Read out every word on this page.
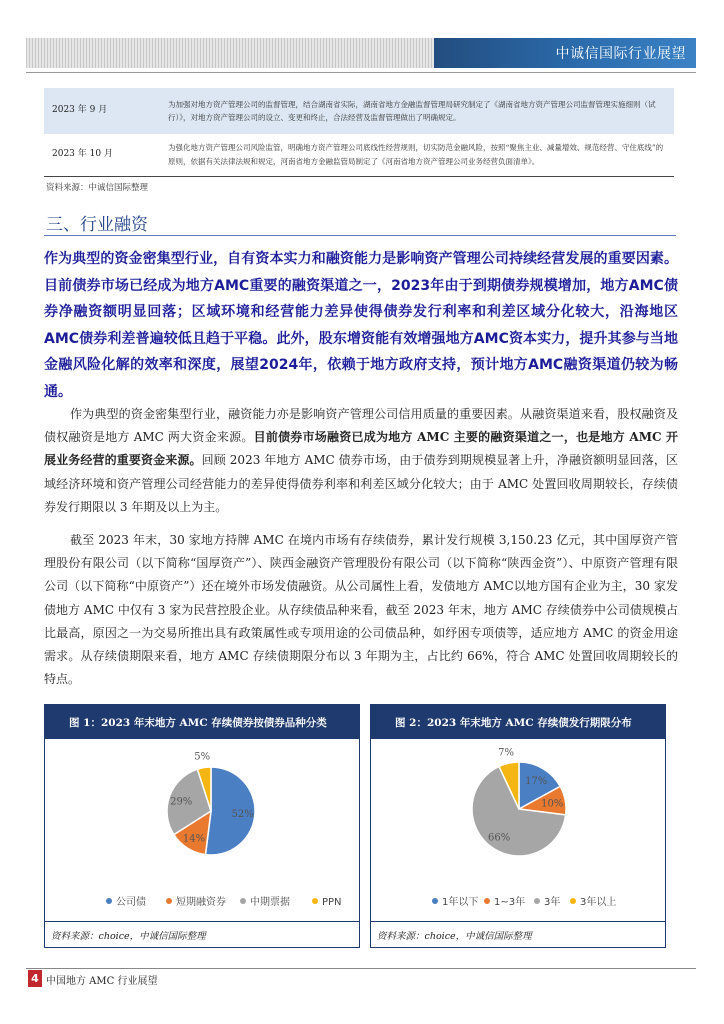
中诚信国际行业展望
2023 年 9 月	为加强对地方资产管理公司的监督管理，结合湖南省实际，湖南省地方金融监督管理局研究制定了《湖南省地方资产管理公司监督管理实施细则（试行）》，对地方资产管理公司的设立、变更和终止，合法经营及监督管理做出了明确规定。
2023 年 10 月	为强化地方资产管理公司风险监管，明确地方资产管理公司底线性经营规则，切实防范金融风险，按照“聚焦主业、减量增效、规范经营、守住底线”的原则，依据有关法律法规和规定，河南省地方金融监管局制定了《河南省地方资产管理公司业务经营负面清单》。
资料来源：中诚信国际整理
三、行业融资
作为典型的资金密集型行业，自有资本实力和融资能力是影响资产管理公司持续经营发展的重要因素。目前债券市场已经成为地方AMC重要的融资渠道之一，2023年由于到期债券规模增加，地方AMC债券净融资额明显回落；区域环境和经营能力差异使得债券发行利率和利差区域分化较大，沿海地区AMC债券利差普遍较低且趋于平稳。此外，股东增资能有效增强地方AMC资本实力，提升其参与当地金融风险化解的效率和深度，展望2024年，依赖于地方政府支持，预计地方AMC融资渠道仍较为畅通。
作为典型的资金密集型行业，融资能力亦是影响资产管理公司信用质量的重要因素。从融资渠道来看，股权融资及债权融资是地方 AMC 两大资金来源。目前债券市场融资已成为地方 AMC 主要的融资渠道之一，也是地方 AMC 开展业务经营的重要资金来源。回顾 2023 年地方 AMC 债券市场，由于债券到期规模显著上升，净融资额明显回落，区域经济环境和资产管理公司经营能力的差异使得债券利率和利差区域分化较大；由于 AMC 处置回收周期较长，存续债券发行期限以 3 年期及以上为主。
截至 2023 年末，30 家地方持牌 AMC 在境内市场有存续债券，累计发行规模 3,150.23 亿元，其中国厚资产管理股份有限公司（以下简称“国厚资产”）、陕西金融资产管理股份有限公司（以下简称“陕西金资”）、中原资产管理有限公司（以下简称“中原资产”）还在境外市场发债融资。从公司属性上看，发债地方 AMC以地方国有企业为主，30 家发债地方 AMC 中仅有 3 家为民营控股企业。从存续债品种来看，截至 2023 年末，地方 AMC 存续债券中公司债规模占比最高，原因之一为交易所推出具有政策属性或专项用途的公司债品种，如纾困专项债等，适应地方 AMC 的资金用途需求。从存续债期限来看，地方 AMC 存续债期限分布以 3 年期为主，占比约 66%，符合 AMC 处置回收周期较长的特点。
图 1：2023 年末地方 AMC 存续债券按债券品种分类
52%
14%
29%
5%
公司债	短期融资券 中期票据	PPN
资料来源：choice，中诚信国际整理
图 2：2023 年末地方 AMC 存续债发行期限分布
17%
10%
66%
7%
1年以下 1~3年 3年 3年以上
资料来源：choice，中诚信国际整理
4 中国地方 AMC 行业展望
